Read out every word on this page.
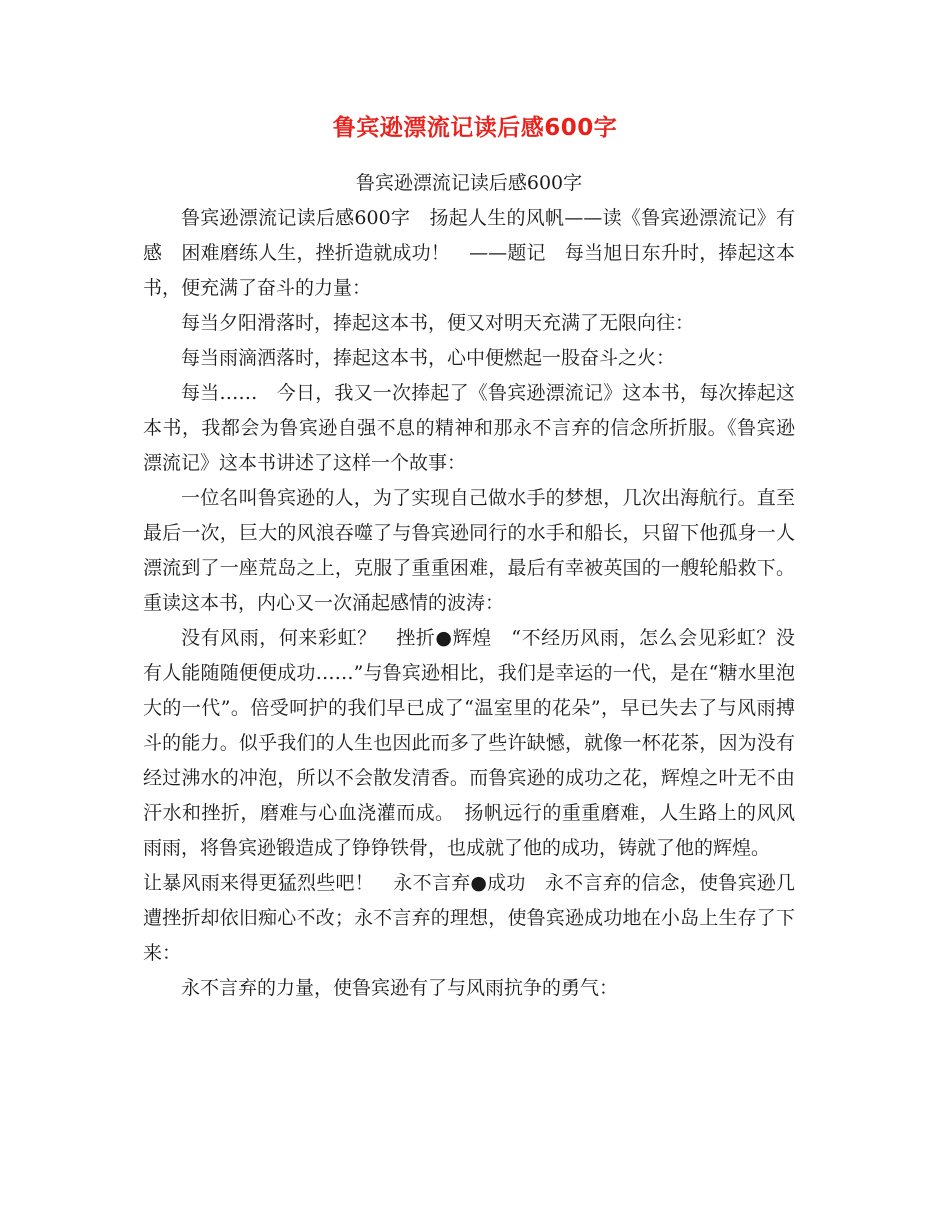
鲁宾逊漂流记读后感600字

鲁宾逊漂流记读后感600字

鲁宾逊漂流记读后感600字　扬起人生的风帆——读《鲁宾逊漂流记》有感　困难磨练人生，挫折造就成功！　——题记　每当旭日东升时，捧起这本书，便充满了奋斗的力量：

每当夕阳滑落时，捧起这本书，便又对明天充满了无限向往：

每当雨滴洒落时，捧起这本书，心中便燃起一股奋斗之火：

每当……　今日，我又一次捧起了《鲁宾逊漂流记》这本书，每次捧起这本书，我都会为鲁宾逊自强不息的精神和那永不言弃的信念所折服。《鲁宾逊漂流记》这本书讲述了这样一个故事：

一位名叫鲁宾逊的人，为了实现自己做水手的梦想，几次出海航行。直至最后一次，巨大的风浪吞噬了与鲁宾逊同行的水手和船长，只留下他孤身一人漂流到了一座荒岛之上，克服了重重困难，最后有幸被英国的一艘轮船救下。重读这本书，内心又一次涌起感情的波涛：

没有风雨，何来彩虹？　挫折●辉煌　“不经历风雨，怎么会见彩虹？没有人能随随便便成功……”与鲁宾逊相比，我们是幸运的一代，是在“糖水里泡大的一代”。倍受呵护的我们早已成了“温室里的花朵”，早已失去了与风雨搏斗的能力。似乎我们的人生也因此而多了些许缺憾，就像一杯花茶，因为没有经过沸水的冲泡，所以不会散发清香。而鲁宾逊的成功之花，辉煌之叶无不由汗水和挫折，磨难与心血浇灌而成。　扬帆远行的重重磨难，人生路上的风风雨雨，将鲁宾逊锻造成了铮铮铁骨，也成就了他的成功，铸就了他的辉煌。

让暴风雨来得更猛烈些吧！　永不言弃●成功　永不言弃的信念，使鲁宾逊几遭挫折却依旧痴心不改；永不言弃的理想，使鲁宾逊成功地在小岛上生存了下来：

永不言弃的力量，使鲁宾逊有了与风雨抗争的勇气：
